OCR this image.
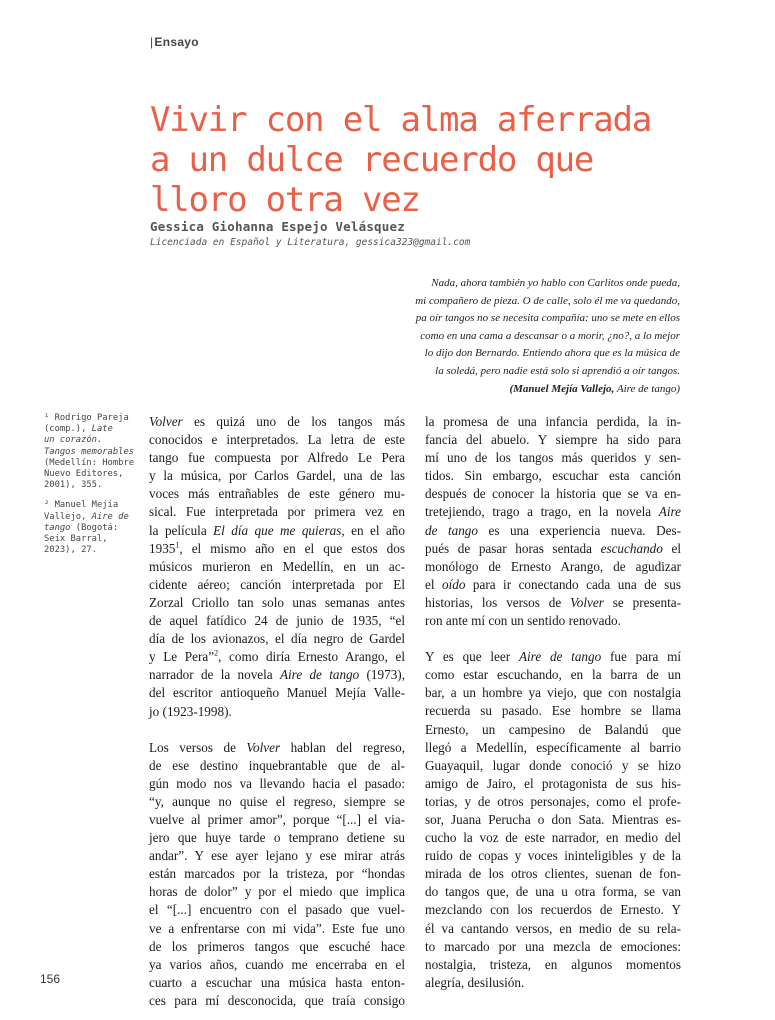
|Ensayo
Vivir con el alma aferrada
a un dulce recuerdo que
lloro otra vez
Gessica Giohanna Espejo Velásquez
Licenciada en Español y Literatura, gessica323@gmail.com
Nada, ahora también yo hablo con Carlitos onde pueda,
mi compañero de pieza. O de calle, solo él me va quedando,
pa oír tangos no se necesita compañía: uno se mete en ellos
como en una cama a descansar o a morir, ¿no?, a lo mejor
lo dijo don Bernardo. Entiendo ahora que es la música de
la soledá, pero nadie está solo si aprendió a oír tangos.
(Manuel Mejía Vallejo, Aire de tango)
¹ Rodrigo Pareja
(comp.), Late
un corazón.
Tangos memorables
(Medellín: Hombre
Nuevo Editores,
2001), 355.
² Manuel Mejía
Vallejo, Aire de
tango (Bogotá:
Seix Barral,
2023), 27.
Volver es quizá uno de los tangos más
conocidos e interpretados. La letra de este
tango fue compuesta por Alfredo Le Pera
y la música, por Carlos Gardel, una de las
voces más entrañables de este género mu-
sical. Fue interpretada por primera vez en
la película El día que me quieras, en el año
1935$^1$, el mismo año en el que estos dos
músicos murieron en Medellín, en un ac-
cidente aéreo; canción interpretada por El
Zorzal Criollo tan solo unas semanas antes
de aquel fatídico 24 de junio de 1935, “el
día de los avionazos, el día negro de Gardel
y Le Pera”$^2$, como diría Ernesto Arango, el
narrador de la novela Aire de tango (1973),
del escritor antioqueño Manuel Mejía Valle-
jo (1923-1998).
Los versos de Volver hablan del regreso,
de ese destino inquebrantable que de al-
gún modo nos va llevando hacia el pasado:
“y, aunque no quise el regreso, siempre se
vuelve al primer amor”, porque “[...] el via-
jero que huye tarde o temprano detiene su
andar”. Y ese ayer lejano y ese mirar atrás
están marcados por la tristeza, por “hondas
horas de dolor” y por el miedo que implica
el “[...] encuentro con el pasado que vuel-
ve a enfrentarse con mi vida”. Este fue uno
de los primeros tangos que escuché hace
ya varios años, cuando me encerraba en el
cuarto a escuchar una música hasta enton-
ces para mí desconocida, que traía consigo
la promesa de una infancia perdida, la in-
fancia del abuelo. Y siempre ha sido para
mí uno de los tangos más queridos y sen-
tidos. Sin embargo, escuchar esta canción
después de conocer la historia que se va en-
tretejiendo, trago a trago, en la novela Aire
de tango es una experiencia nueva. Des-
pués de pasar horas sentada escuchando el
monólogo de Ernesto Arango, de agudizar
el oído para ir conectando cada una de sus
historias, los versos de Volver se presenta-
ron ante mí con un sentido renovado.
Y es que leer Aire de tango fue para mí
como estar escuchando, en la barra de un
bar, a un hombre ya viejo, que con nostalgia
recuerda su pasado. Ese hombre se llama
Ernesto, un campesino de Balandú que
llegó a Medellín, específicamente al barrio
Guayaquil, lugar donde conoció y se hizo
amigo de Jairo, el protagonista de sus his-
torias, y de otros personajes, como el profe-
sor, Juana Perucha o don Sata. Mientras es-
cucho la voz de este narrador, en medio del
ruido de copas y voces ininteligibles y de la
mirada de los otros clientes, suenan de fon-
do tangos que, de una u otra forma, se van
mezclando con los recuerdos de Ernesto. Y
él va cantando versos, en medio de su rela-
to marcado por una mezcla de emociones:
nostalgia, tristeza, en algunos momentos
alegría, desilusión.
156
